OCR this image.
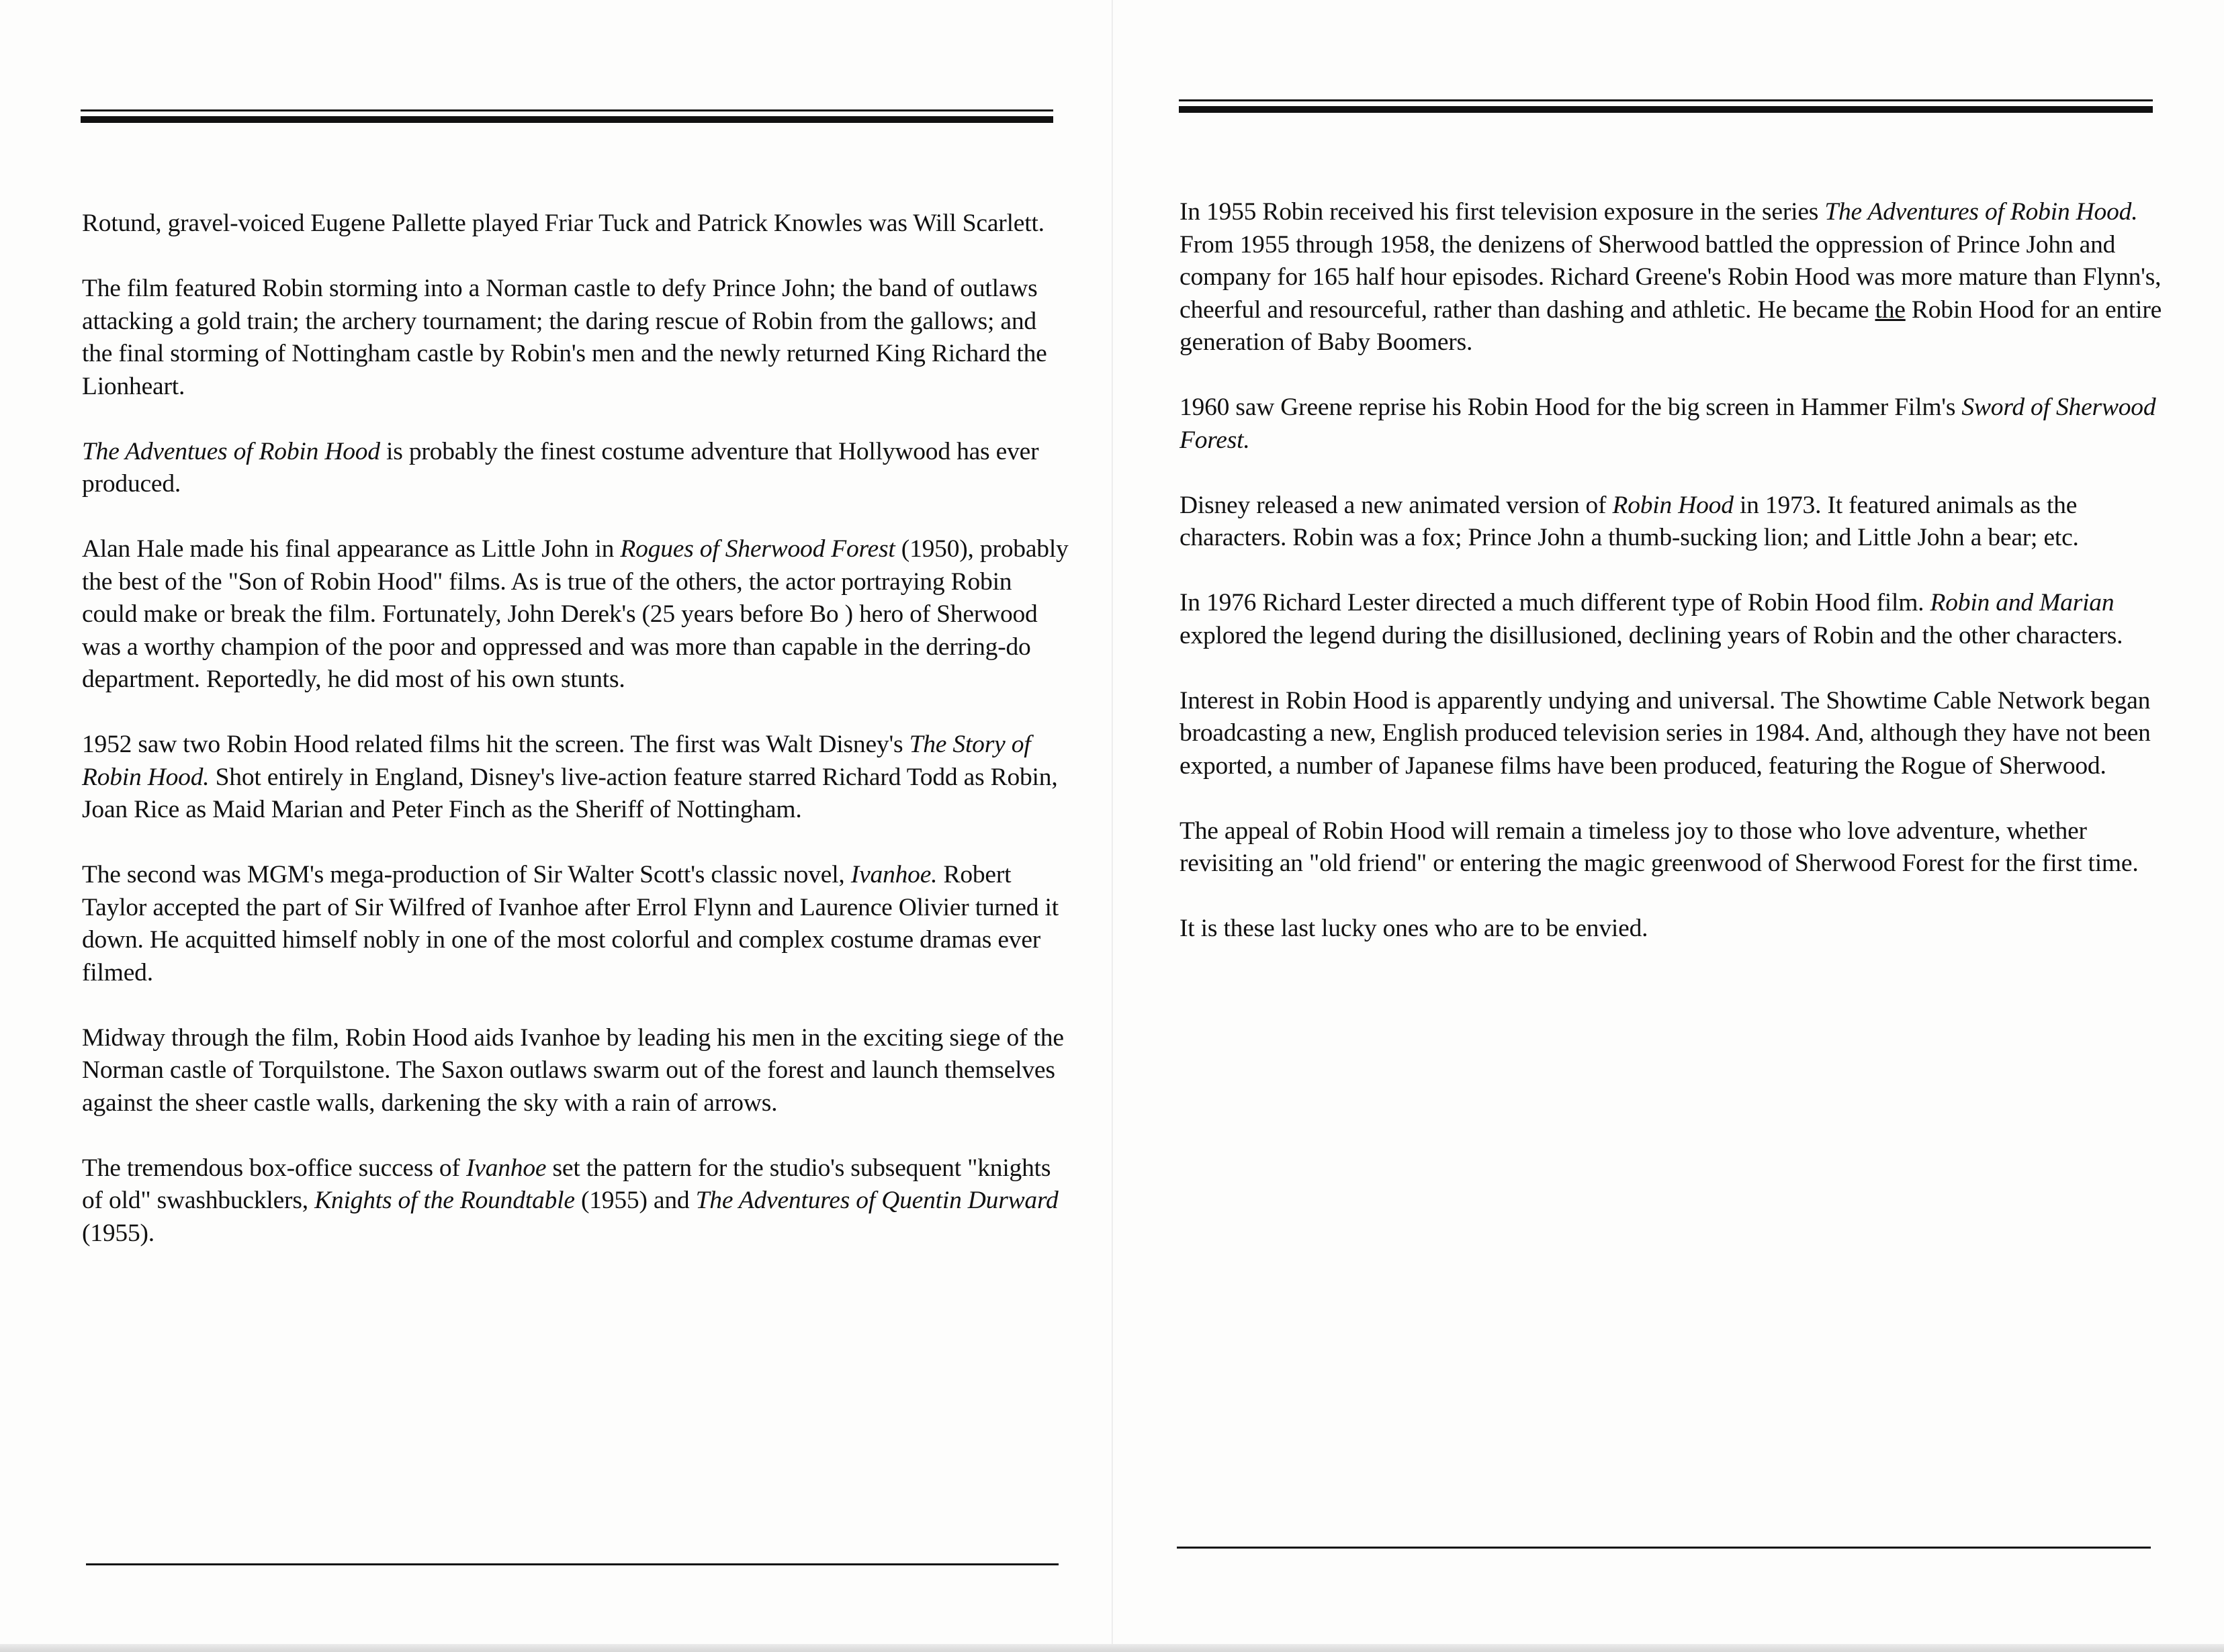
Rotund, gravel-voiced Eugene Pallette played Friar Tuck and Patrick Knowles was Will Scarlett.

The film featured Robin storming into a Norman castle to defy Prince John; the band of outlaws attacking a gold train; the archery tournament; the daring rescue of Robin from the gallows; and the final storming of Nottingham castle by Robin's men and the newly returned King Richard the Lionheart.

The Adventues of Robin Hood is probably the finest costume adventure that Hollywood has ever produced.

Alan Hale made his final appearance as Little John in Rogues of Sherwood Forest (1950), probably the best of the "Son of Robin Hood" films. As is true of the others, the actor portraying Robin could make or break the film. Fortunately, John Derek's (25 years before Bo ) hero of Sherwood was a worthy champion of the poor and oppressed and was more than capable in the derring-do department. Reportedly, he did most of his own stunts.

1952 saw two Robin Hood related films hit the screen. The first was Walt Disney's The Story of Robin Hood. Shot entirely in England, Disney's live-action feature starred Richard Todd as Robin, Joan Rice as Maid Marian and Peter Finch as the Sheriff of Nottingham.

The second was MGM's mega-production of Sir Walter Scott's classic novel, Ivanhoe. Robert Taylor accepted the part of Sir Wilfred of Ivanhoe after Errol Flynn and Laurence Olivier turned it down. He acquitted himself nobly in one of the most colorful and complex costume dramas ever filmed.

Midway through the film, Robin Hood aids Ivanhoe by leading his men in the exciting siege of the Norman castle of Torquilstone. The Saxon outlaws swarm out of the forest and launch themselves against the sheer castle walls, darkening the sky with a rain of arrows.

The tremendous box-office success of Ivanhoe set the pattern for the studio's subsequent "knights of old" swashbucklers, Knights of the Roundtable (1955) and The Adventures of Quentin Durward (1955).

In 1955 Robin received his first television exposure in the series The Adventures of Robin Hood. From 1955 through 1958, the denizens of Sherwood battled the oppression of Prince John and company for 165 half hour episodes. Richard Greene's Robin Hood was more mature than Flynn's, cheerful and resourceful, rather than dashing and athletic. He became the Robin Hood for an entire generation of Baby Boomers.

1960 saw Greene reprise his Robin Hood for the big screen in Hammer Film's Sword of Sherwood Forest.

Disney released a new animated version of Robin Hood in 1973. It featured animals as the characters. Robin was a fox; Prince John a thumb-sucking lion; and Little John a bear; etc.

In 1976 Richard Lester directed a much different type of Robin Hood film. Robin and Marian explored the legend during the disillusioned, declining years of Robin and the other characters.

Interest in Robin Hood is apparently undying and universal. The Showtime Cable Network began broadcasting a new, English produced television series in 1984. And, although they have not been exported, a number of Japanese films have been produced, featuring the Rogue of Sherwood.

The appeal of Robin Hood will remain a timeless joy to those who love adventure, whether revisiting an "old friend" or entering the magic greenwood of Sherwood Forest for the first time.

It is these last lucky ones who are to be envied.
